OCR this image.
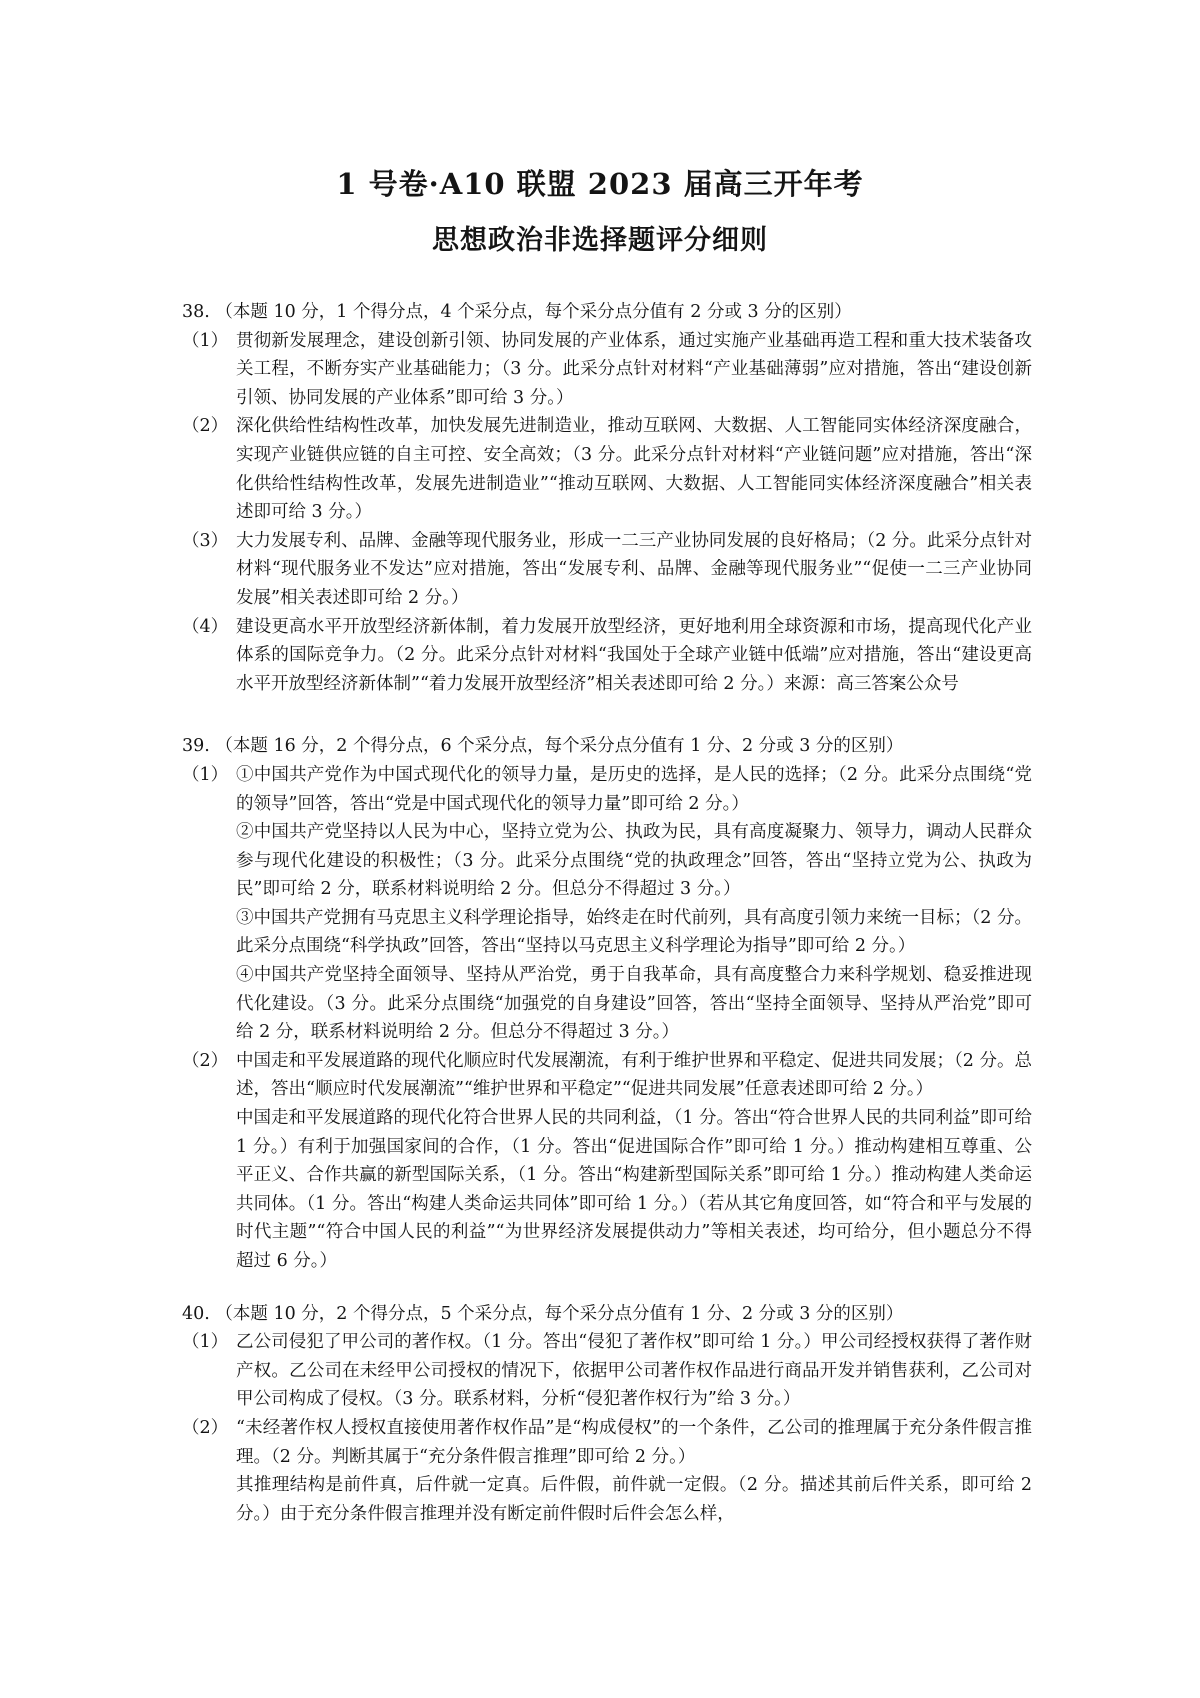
1 号卷·A10 联盟 2023 届高三开年考
思想政治非选择题评分细则

38. （本题 10 分，1 个得分点，4 个采分点，每个采分点分值有 2 分或 3 分的区别）

（1） 贯彻新发展理念，建设创新引领、协同发展的产业体系，通过实施产业基础再造工程和重大技术装备攻关工程，不断夯实产业基础能力；（3 分。此采分点针对材料“产业基础薄弱”应对措施，答出“建设创新引领、协同发展的产业体系”即可给 3 分。）

（2） 深化供给性结构性改革，加快发展先进制造业，推动互联网、大数据、人工智能同实体经济深度融合，实现产业链供应链的自主可控、安全高效；（3 分。此采分点针对材料“产业链问题”应对措施，答出“深化供给性结构性改革，发展先进制造业”“推动互联网、大数据、人工智能同实体经济深度融合”相关表述即可给 3 分。）

（3） 大力发展专利、品牌、金融等现代服务业，形成一二三产业协同发展的良好格局；（2 分。此采分点针对材料“现代服务业不发达”应对措施，答出“发展专利、品牌、金融等现代服务业”“促使一二三产业协同发展”相关表述即可给 2 分。）

（4） 建设更高水平开放型经济新体制，着力发展开放型经济，更好地利用全球资源和市场，提高现代化产业体系的国际竞争力。（2 分。此采分点针对材料“我国处于全球产业链中低端”应对措施，答出“建设更高水平开放型经济新体制”“着力发展开放型经济”相关表述即可给 2 分。）来源：高三答案公众号

39. （本题 16 分，2 个得分点，6 个采分点，每个采分点分值有 1 分、2 分或 3 分的区别）

（1） ①中国共产党作为中国式现代化的领导力量，是历史的选择，是人民的选择；（2 分。此采分点围绕“党的领导”回答，答出“党是中国式现代化的领导力量”即可给 2 分。）

②中国共产党坚持以人民为中心，坚持立党为公、执政为民，具有高度凝聚力、领导力，调动人民群众参与现代化建设的积极性；（3 分。此采分点围绕“党的执政理念”回答，答出“坚持立党为公、执政为民”即可给 2 分，联系材料说明给 2 分。但总分不得超过 3 分。）

③中国共产党拥有马克思主义科学理论指导，始终走在时代前列，具有高度引领力来统一目标；（2 分。此采分点围绕“科学执政”回答，答出“坚持以马克思主义科学理论为指导”即可给 2 分。）

④中国共产党坚持全面领导、坚持从严治党，勇于自我革命，具有高度整合力来科学规划、稳妥推进现代化建设。（3 分。此采分点围绕“加强党的自身建设”回答，答出“坚持全面领导、坚持从严治党”即可给 2 分，联系材料说明给 2 分。但总分不得超过 3 分。）

（2） 中国走和平发展道路的现代化顺应时代发展潮流，有利于维护世界和平稳定、促进共同发展；（2 分。总述，答出“顺应时代发展潮流”“维护世界和平稳定”“促进共同发展”任意表述即可给 2 分。）

中国走和平发展道路的现代化符合世界人民的共同利益，（1 分。答出“符合世界人民的共同利益”即可给 1 分。）有利于加强国家间的合作，（1 分。答出“促进国际合作”即可给 1 分。）推动构建相互尊重、公平正义、合作共赢的新型国际关系，（1 分。答出“构建新型国际关系”即可给 1 分。）推动构建人类命运共同体。（1 分。答出“构建人类命运共同体”即可给 1 分。）（若从其它角度回答，如“符合和平与发展的时代主题”“符合中国人民的利益”“为世界经济发展提供动力”等相关表述，均可给分，但小题总分不得超过 6 分。）

40. （本题 10 分，2 个得分点，5 个采分点，每个采分点分值有 1 分、2 分或 3 分的区别）

（1） 乙公司侵犯了甲公司的著作权。（1 分。答出“侵犯了著作权”即可给 1 分。）甲公司经授权获得了著作财产权。乙公司在未经甲公司授权的情况下，依据甲公司著作权作品进行商品开发并销售获利，乙公司对甲公司构成了侵权。（3 分。联系材料，分析“侵犯著作权行为”给 3 分。）

（2） “未经著作权人授权直接使用著作权作品”是“构成侵权”的一个条件，乙公司的推理属于充分条件假言推理。（2 分。判断其属于“充分条件假言推理”即可给 2 分。）

其推理结构是前件真，后件就一定真。后件假，前件就一定假。（2 分。描述其前后件关系，即可给 2 分。）由于充分条件假言推理并没有断定前件假时后件会怎么样，
